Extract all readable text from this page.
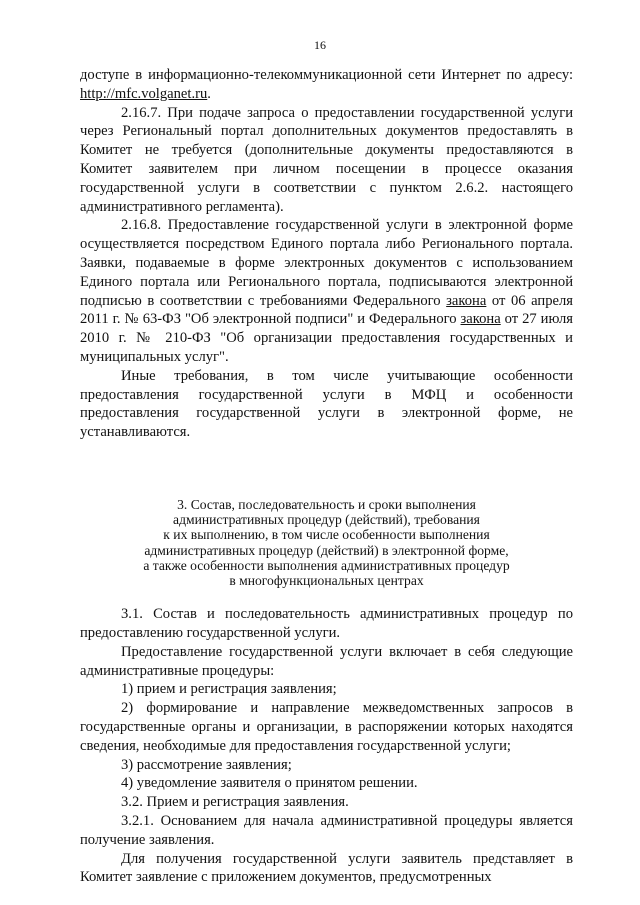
16

доступе в информационно-телекоммуникационной сети Интернет по адресу: http://mfc.volganet.ru.

2.16.7. При подаче запроса о предоставлении государственной услуги через Региональный портал дополнительных документов предоставлять в Комитет не требуется (дополнительные документы предоставляются в Комитет заявителем при личном посещении в процессе оказания государственной услуги в соответствии с пунктом 2.6.2. настоящего административного регламента).

2.16.8. Предоставление государственной услуги в электронной форме осуществляется посредством Единого портала либо Регионального портала. Заявки, подаваемые в форме электронных документов с использованием Единого портала или Регионального портала, подписываются электронной подписью в соответствии с требованиями Федерального закона от 06 апреля 2011 г. № 63-ФЗ "Об электронной подписи" и Федерального закона от 27 июля 2010 г. № 210-ФЗ "Об организации предоставления государственных и муниципальных услуг".

Иные требования, в том числе учитывающие особенности предоставления государственной услуги в МФЦ и особенности предоставления государственной услуги в электронной форме, не устанавливаются.

3. Состав, последовательность и сроки выполнения
административных процедур (действий), требования
к их выполнению, в том числе особенности выполнения
административных процедур (действий) в электронной форме,
а также особенности выполнения административных процедур
в многофункциональных центрах

3.1. Состав и последовательность административных процедур по предоставлению государственной услуги.

Предоставление государственной услуги включает в себя следующие административные процедуры:

1) прием и регистрация заявления;

2) формирование и направление межведомственных запросов в государственные органы и организации, в распоряжении которых находятся сведения, необходимые для предоставления государственной услуги;

3) рассмотрение заявления;

4) уведомление заявителя о принятом решении.

3.2. Прием и регистрация заявления.

3.2.1. Основанием для начала административной процедуры является получение заявления.

Для получения государственной услуги заявитель представляет в Комитет заявление с приложением документов, предусмотренных
